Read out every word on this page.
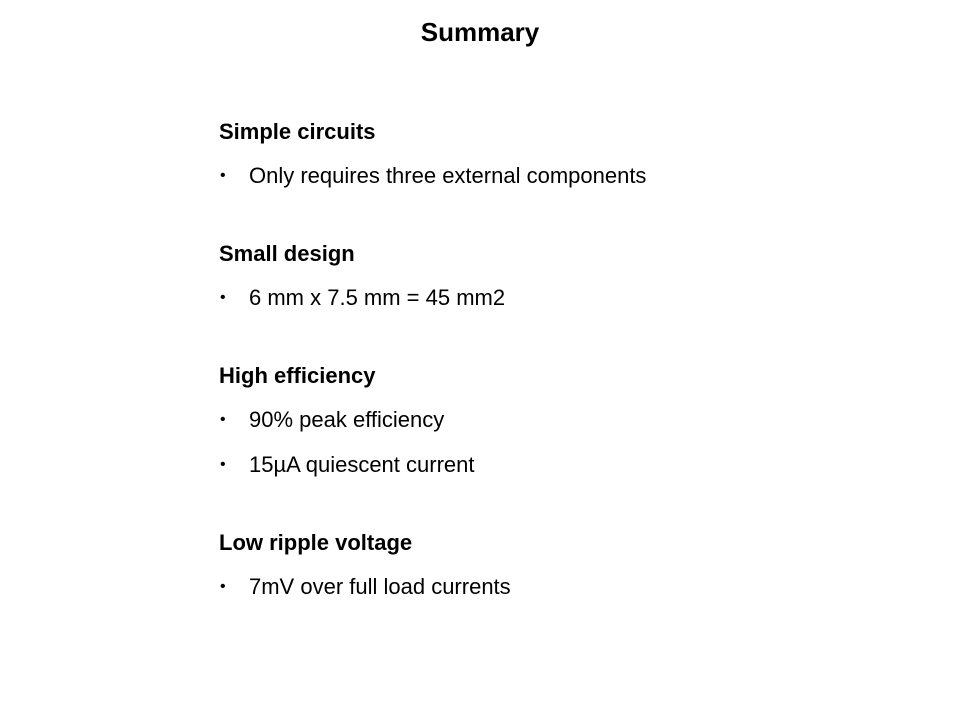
Summary
Simple circuits
• Only requires three external components
Small design
• 6 mm x 7.5 mm = 45 mm2
High efficiency
• 90% peak efficiency
• 15µA quiescent current
Low ripple voltage
• 7mV over full load currents
